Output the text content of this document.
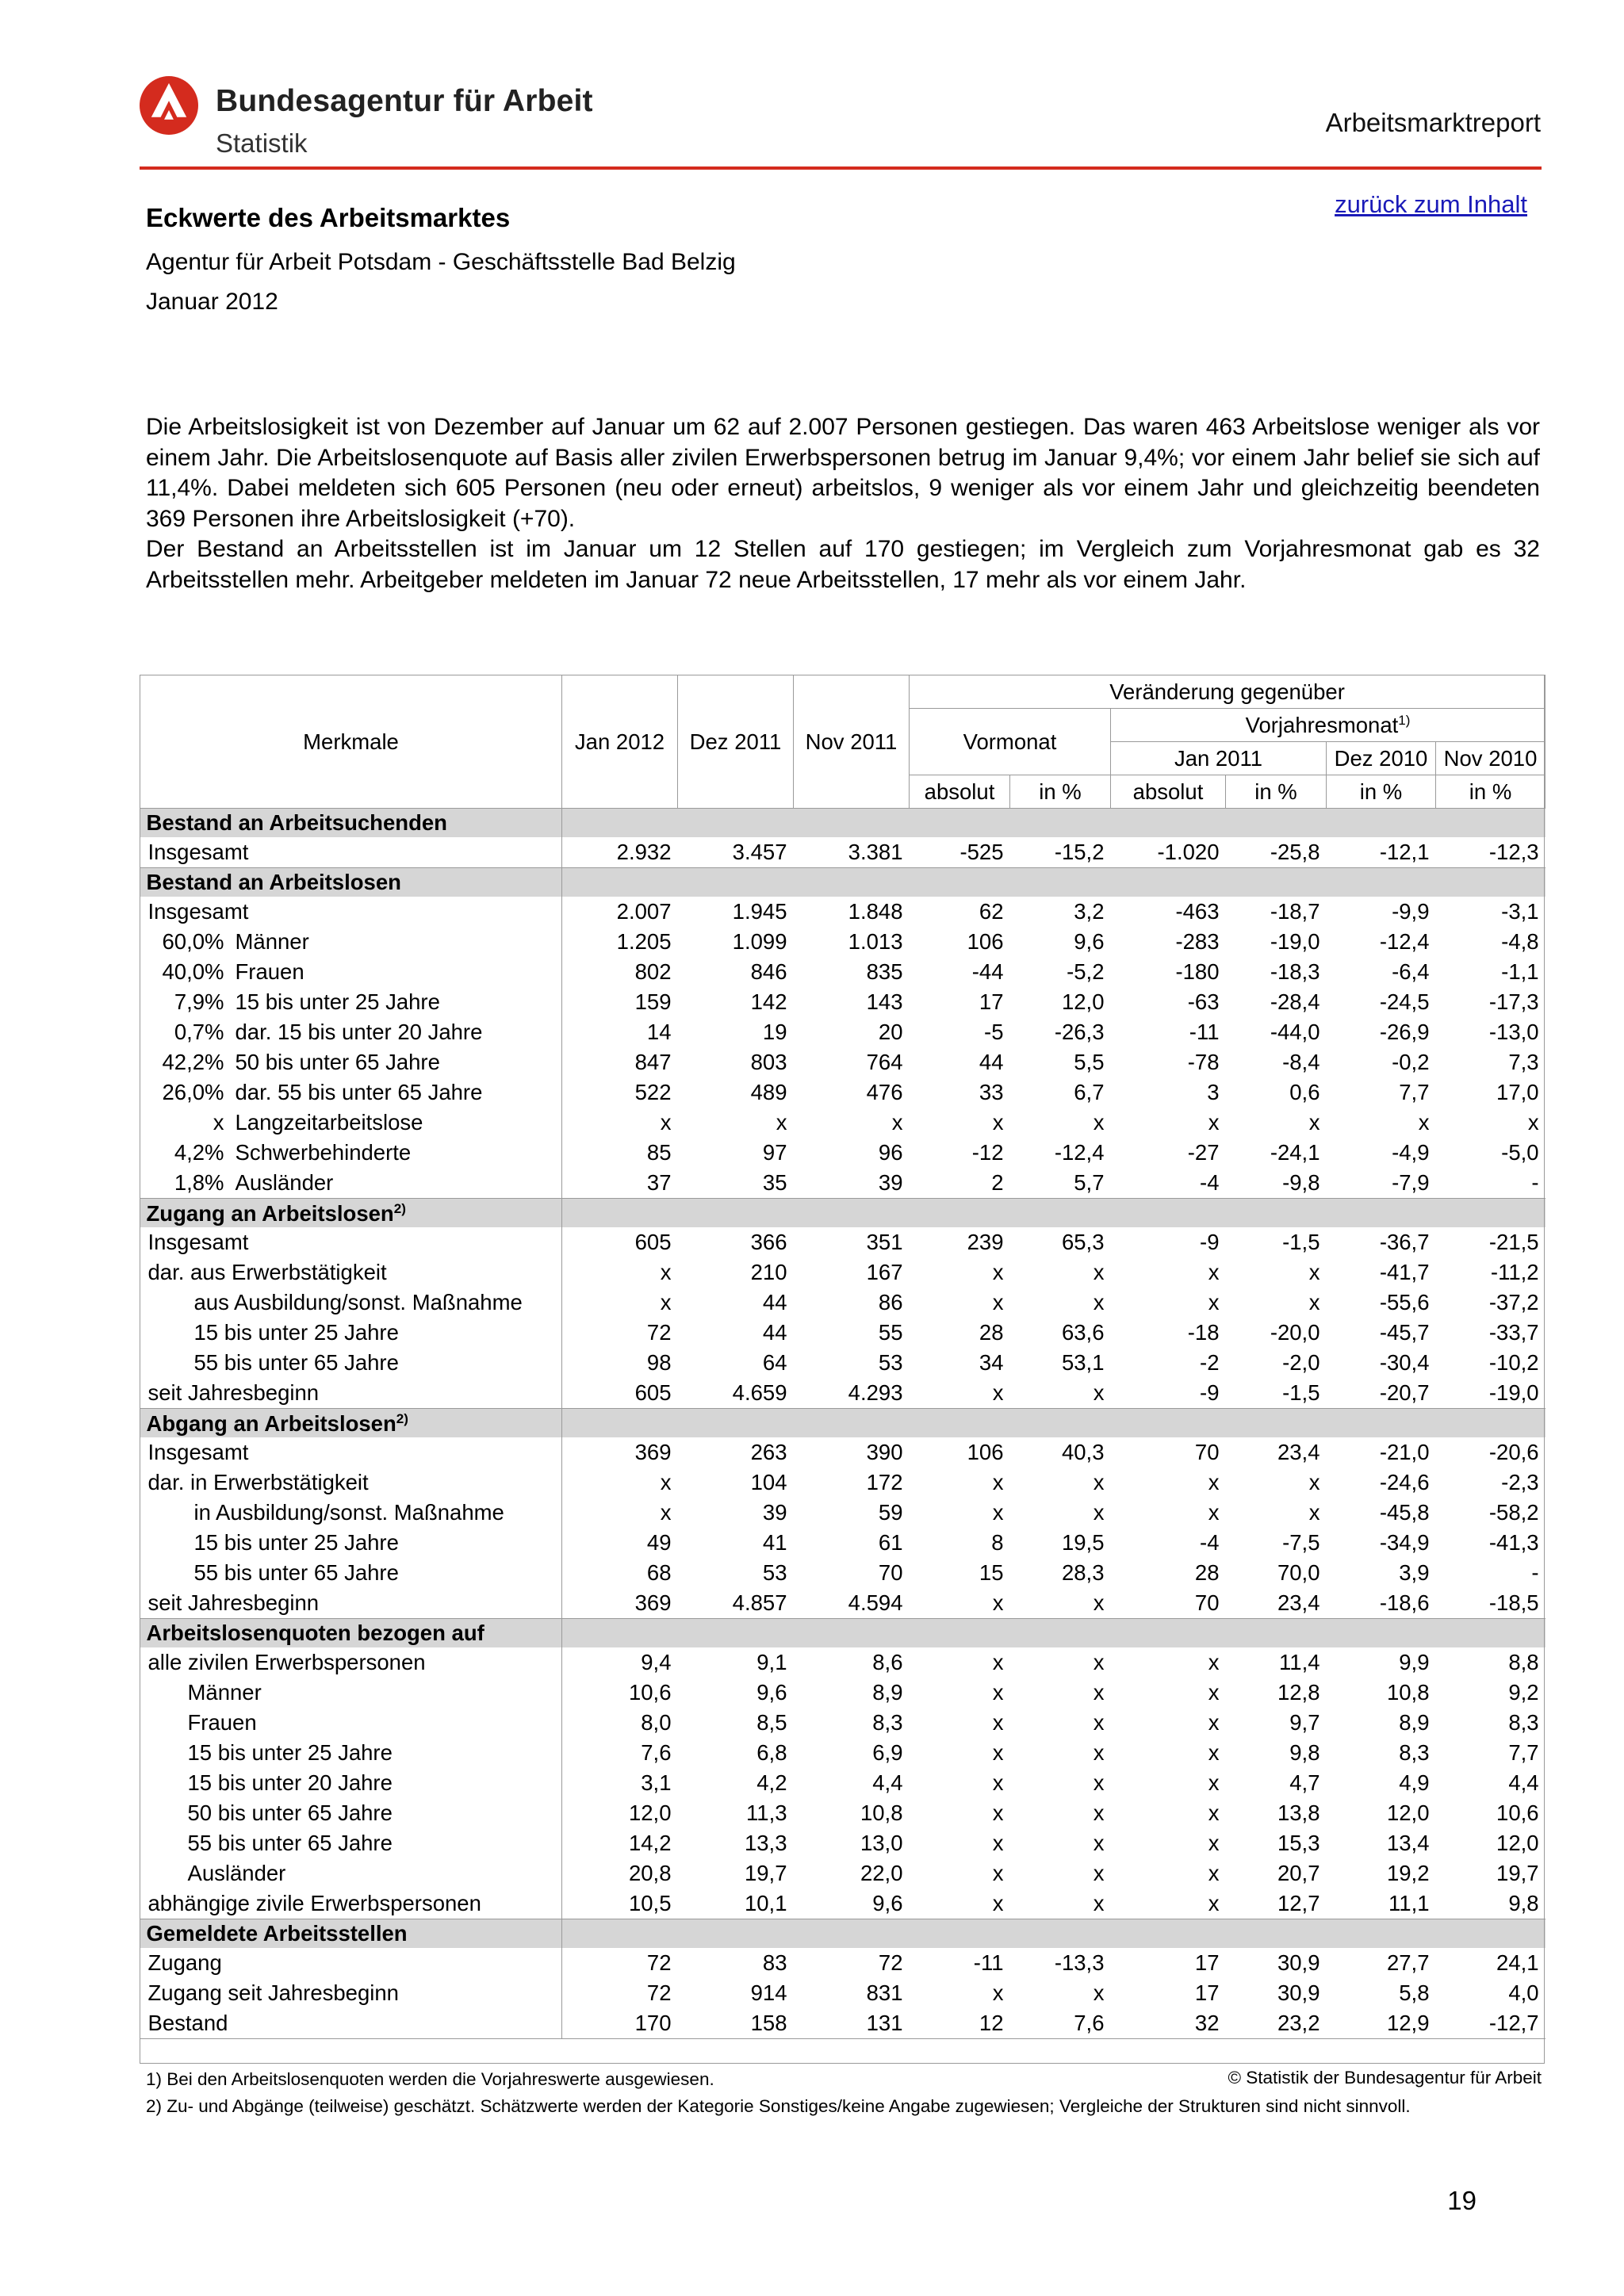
Bundesagentur für Arbeit
Statistik
Arbeitsmarktreport
zurück zum Inhalt
Eckwerte des Arbeitsmarktes
Agentur für Arbeit Potsdam - Geschäftsstelle Bad Belzig
Januar 2012

Die Arbeitslosigkeit ist von Dezember auf Januar um 62 auf 2.007 Personen gestiegen. Das waren 463 Arbeitslose weniger als vor einem Jahr. Die Arbeitslosenquote auf Basis aller zivilen Erwerbspersonen betrug im Januar 9,4%; vor einem Jahr belief sie sich auf 11,4%. Dabei meldeten sich 605 Personen (neu oder erneut) arbeitslos, 9 weniger als vor einem Jahr und gleichzeitig beendeten 369 Personen ihre Arbeitslosigkeit (+70).

Der Bestand an Arbeitsstellen ist im Januar um 12 Stellen auf 170 gestiegen; im Vergleich zum Vorjahresmonat gab es 32 Arbeitsstellen mehr. Arbeitgeber meldeten im Januar 72 neue Arbeitsstellen, 17 mehr als vor einem Jahr.

Merkmale	Jan 2012	Dez 2011	Nov 2011	Veränderung gegenüber					
				Vormonat		Vorjahresmonat$^{1)}$
						Jan 2011		Dez 2010	Nov 2010
				absolut	in %	absolut	in %	in %	in %
Bestand an Arbeitsuchenden									
Insgesamt	2.932	3.457	3.381	-525	-15,2	-1.020	-25,8	-12,1	-12,3
Bestand an Arbeitslosen									
Insgesamt	2.007	1.945	1.848	62	3,2	-463	-18,7	-9,9	-3,1
60,0% Männer	1.205	1.099	1.013	106	9,6	-283	-19,0	-12,4	-4,8
40,0% Frauen	802	846	835	-44	-5,2	-180	-18,3	-6,4	-1,1
7,9% 15 bis unter 25 Jahre	159	142	143	17	12,0	-63	-28,4	-24,5	-17,3
0,7% dar. 15 bis unter 20 Jahre	14	19	20	-5	-26,3	-11	-44,0	-26,9	-13,0
42,2% 50 bis unter 65 Jahre	847	803	764	44	5,5	-78	-8,4	-0,2	7,3
26,0% dar. 55 bis unter 65 Jahre	522	489	476	33	6,7	3	0,6	7,7	17,0
x Langzeitarbeitslose	x	x	x	x	x	x	x	x	x
4,2% Schwerbehinderte	85	97	96	-12	-12,4	-27	-24,1	-4,9	-5,0
1,8% Ausländer	37	35	39	2	5,7	-4	-9,8	-7,9	-
Zugang an Arbeitslosen$^{2)}$	
Insgesamt	605	366	351	239	65,3	-9	-1,5	-36,7	-21,5
dar. aus Erwerbstätigkeit	x	210	167	x	x	x	x	-41,7	-11,2
aus Ausbildung/sonst. Maßnahme	x	44	86	x	x	x	x	-55,6	-37,2
15 bis unter 25 Jahre	72	44	55	28	63,6	-18	-20,0	-45,7	-33,7
55 bis unter 65 Jahre	98	64	53	34	53,1	-2	-2,0	-30,4	-10,2
seit Jahresbeginn	605	4.659	4.293	x	x	-9	-1,5	-20,7	-19,0
Abgang an Arbeitslosen$^{2)}$	
Insgesamt	369	263	390	106	40,3	70	23,4	-21,0	-20,6
dar. in Erwerbstätigkeit	x	104	172	x	x	x	x	-24,6	-2,3
in Ausbildung/sonst. Maßnahme	x	39	59	x	x	x	x	-45,8	-58,2
15 bis unter 25 Jahre	49	41	61	8	19,5	-4	-7,5	-34,9	-41,3
55 bis unter 65 Jahre	68	53	70	15	28,3	28	70,0	3,9	-
seit Jahresbeginn	369	4.857	4.594	x	x	70	23,4	-18,6	-18,5
Arbeitslosenquoten bezogen auf									
alle zivilen Erwerbspersonen	9,4	9,1	8,6	x	x	x	11,4	9,9	8,8
Männer	10,6	9,6	8,9	x	x	x	12,8	10,8	9,2
Frauen	8,0	8,5	8,3	x	x	x	9,7	8,9	8,3
15 bis unter 25 Jahre	7,6	6,8	6,9	x	x	x	9,8	8,3	7,7
15 bis unter 20 Jahre	3,1	4,2	4,4	x	x	x	4,7	4,9	4,4
50 bis unter 65 Jahre	12,0	11,3	10,8	x	x	x	13,8	12,0	10,6
55 bis unter 65 Jahre	14,2	13,3	13,0	x	x	x	15,3	13,4	12,0
Ausländer	20,8	19,7	22,0	x	x	x	20,7	19,2	19,7
abhängige zivile Erwerbspersonen	10,5	10,1	9,6	x	x	x	12,7	11,1	9,8
Gemeldete Arbeitsstellen									
Zugang	72	83	72	-11	-13,3	17	30,9	27,7	24,1
Zugang seit Jahresbeginn	72	914	831	x	x	17	30,9	5,8	4,0
Bestand	170	158	131	12	7,6	32	23,2	12,9	-12,7
1) Bei den Arbeitslosenquoten werden die Vorjahreswerte ausgewiesen.	© Statistik der Bundesagentur für Arbeit
2) Zu- und Abgänge (teilweise) geschätzt. Schätzwerte werden der Kategorie Sonstiges/keine Angabe zugewiesen; Vergleiche der Strukturen sind nicht sinnvoll.
19
